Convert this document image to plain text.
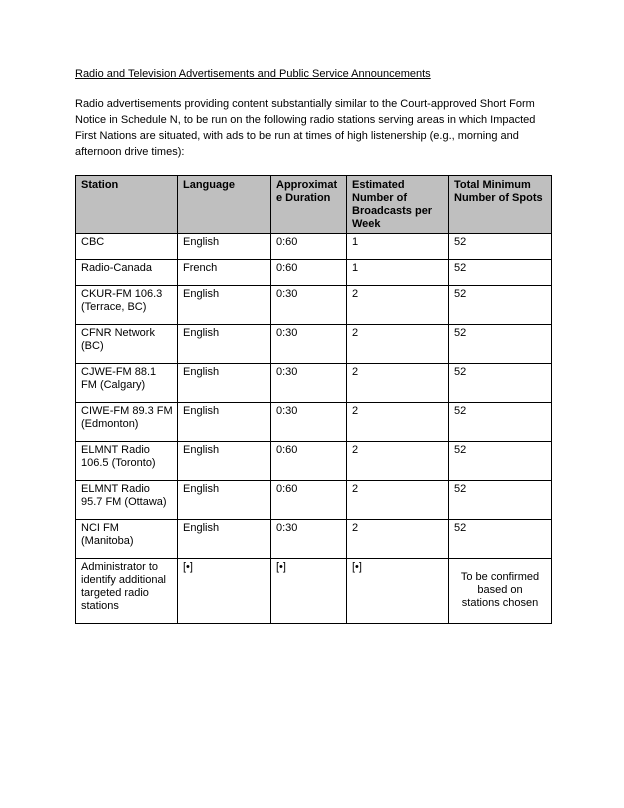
Radio and Television Advertisements and Public Service Announcements

Radio advertisements providing content substantially similar to the Court-approved Short Form Notice in Schedule N, to be run on the following radio stations serving areas in which Impacted First Nations are situated, with ads to be run at times of high listenership (e.g., morning and afternoon drive times):

Station	Language	Approximate Duration	Estimated Number of Broadcasts per Week	Total Minimum Number of Spots
CBC	English	0:60	1	52
Radio-Canada	French	0:60	1	52
CKUR-FM 106.3 (Terrace, BC)	English	0:30	2	52
CFNR Network (BC)	English	0:30	2	52
CJWE-FM 88.1 FM (Calgary)	English	0:30	2	52
CIWE-FM 89.3 FM (Edmonton)	English	0:30	2	52
ELMNT Radio 106.5 (Toronto)	English	0:60	2	52
ELMNT Radio 95.7 FM (Ottawa)	English	0:60	2	52
NCI FM (Manitoba)	English	0:30	2	52
Administrator to identify additional targeted radio stations	[•]	[•]	[•]	To be confirmed based on stations chosen
